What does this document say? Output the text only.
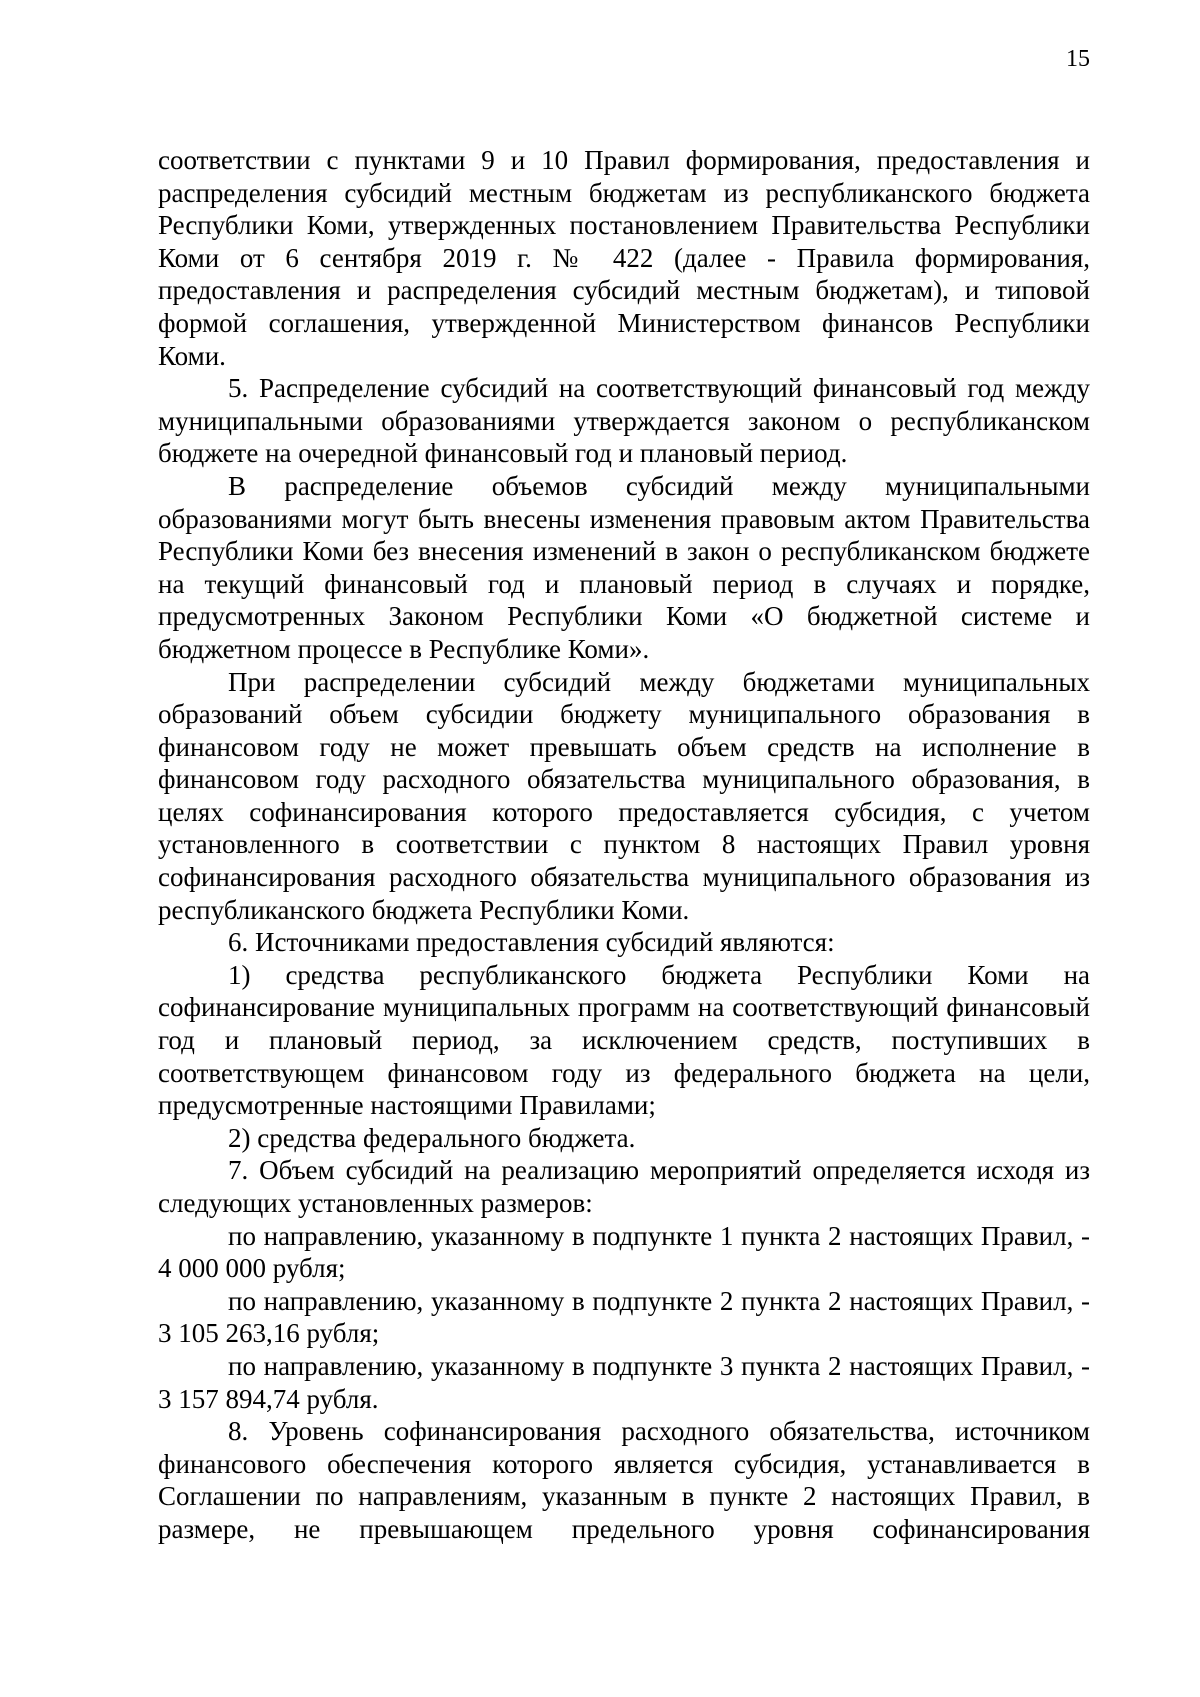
15

соответствии с пунктами 9 и 10 Правил формирования, предоставления и распределения субсидий местным бюджетам из республиканского бюджета Республики Коми, утвержденных постановлением Правительства Республики Коми от 6 сентября 2019 г. № 422 (далее - Правила формирования, предоставления и распределения субсидий местным бюджетам), и типовой формой соглашения, утвержденной Министерством финансов Республики Коми.

5. Распределение субсидий на соответствующий финансовый год между муниципальными образованиями утверждается законом о республиканском бюджете на очередной финансовый год и плановый период.

В распределение объемов субсидий между муниципальными образованиями могут быть внесены изменения правовым актом Правительства Республики Коми без внесения изменений в закон о республиканском бюджете на текущий финансовый год и плановый период в случаях и порядке, предусмотренных Законом Республики Коми «О бюджетной системе и бюджетном процессе в Республике Коми».

При распределении субсидий между бюджетами муниципальных образований объем субсидии бюджету муниципального образования в финансовом году не может превышать объем средств на исполнение в финансовом году расходного обязательства муниципального образования, в целях софинансирования которого предоставляется субсидия, с учетом установленного в соответствии с пунктом 8 настоящих Правил уровня софинансирования расходного обязательства муниципального образования из республиканского бюджета Республики Коми.

6. Источниками предоставления субсидий являются:

1) средства республиканского бюджета Республики Коми на софинансирование муниципальных программ на соответствующий финансовый год и плановый период, за исключением средств, поступивших в соответствующем финансовом году из федерального бюджета на цели, предусмотренные настоящими Правилами;

2) средства федерального бюджета.

7. Объем субсидий на реализацию мероприятий определяется исходя из следующих установленных размеров:

по направлению, указанному в подпункте 1 пункта 2 настоящих Правил, - 4 000 000 рубля;

по направлению, указанному в подпункте 2 пункта 2 настоящих Правил, - 3 105 263,16 рубля;

по направлению, указанному в подпункте 3 пункта 2 настоящих Правил, - 3 157 894,74 рубля.

8. Уровень софинансирования расходного обязательства, источником финансового обеспечения которого является субсидия, устанавливается в Соглашении по направлениям, указанным в пункте 2 настоящих Правил, в размере, не превышающем предельного уровня софинансирования
